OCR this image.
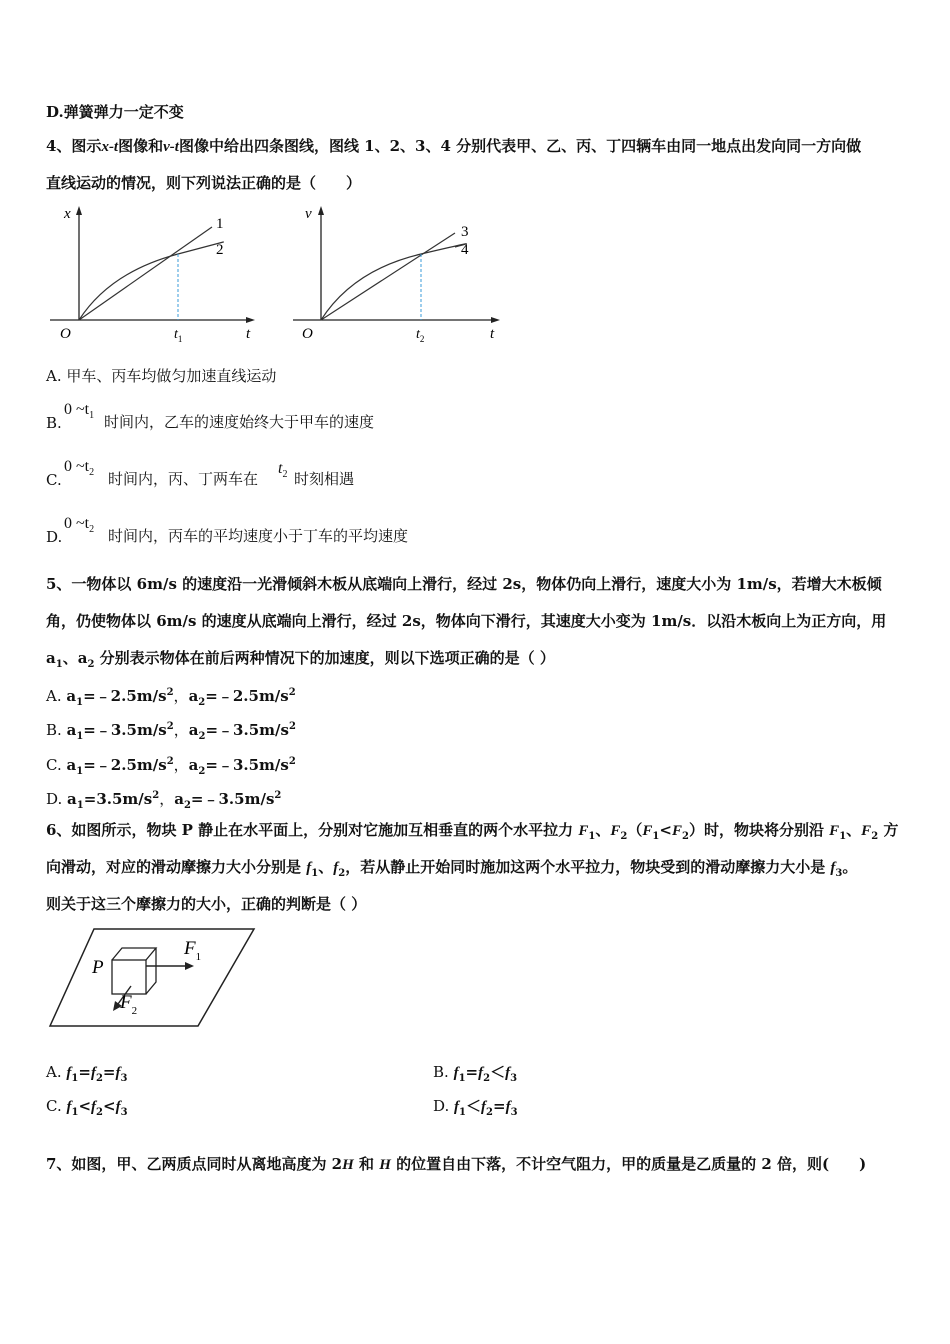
D.弹簧弹力一定不变
4、图示x-t图像和v-t图像中给出四条图线，图线 1、2、3、4 分别代表甲、乙、丙、丁四辆车由同一地点出发向同一方向做
直线运动的情况，则下列说法正确的是（　　）
x
t
O
1
2
$t_1$
v
t
O
3
4
$t_2$
A. 甲车、丙车均做匀加速直线运动
B.
0 $\sim t_1$ 时间内，乙车的速度始终大于甲车的速度
C.
0 $\sim t_2$ 时间内，丙、丁两车在
$t_2$ 时刻相遇
D.
0 $\sim t_2$ 时间内，丙车的平均速度小于丁车的平均速度
5、一物体以 6m/s 的速度沿一光滑倾斜木板从底端向上滑行，经过 2s，物体仍向上滑行，速度大小为 1m/s，若增大木板倾
角，仍使物体以 6m/s 的速度从底端向上滑行，经过 2s，物体向下滑行，其速度大小变为 1m/s．以沿木板向上为正方向，用
$a_1$、$a_2$ 分别表示物体在前后两种情况下的加速度，则以下选项正确的是（ ）
A. $a_1=﹣2.5m/s^2$，$a_2=﹣2.5m/s^2$
B. $a_1=﹣3.5m/s^2$，$a_2=﹣3.5m/s^2$
C. $a_1=﹣2.5m/s^2$，$a_2=﹣3.5m/s^2$
D. $a_1=3.5m/s^2$，$a_2=﹣3.5m/s^2$
6、如图所示，物块 P 静止在水平面上，分别对它施加互相垂直的两个水平拉力 $F_1$、$F_2(F_1<F_2)$时，物块将分别沿 $F_1$、$F_2$ 方
向滑动，对应的滑动摩擦力大小分别是 $f_1$、$f_2$，若从静止开始同时施加这两个水平拉力，物块受到的滑动摩擦力大小是 $f_3$。
则关于这三个摩擦力的大小，正确的判断是（ ）
P
$F_1$
$F_2$
A. $f_1=f_2=f_3$	B. $f_1=f_2<f_3$
C. $f_1<f_2<f_3$	D. $f_1<f_2=f_3$
7、如图，甲、乙两质点同时从离地高度为 2H 和 H 的位置自由下落，不计空气阻力，甲的质量是乙质量的 2 倍，则(　　)
